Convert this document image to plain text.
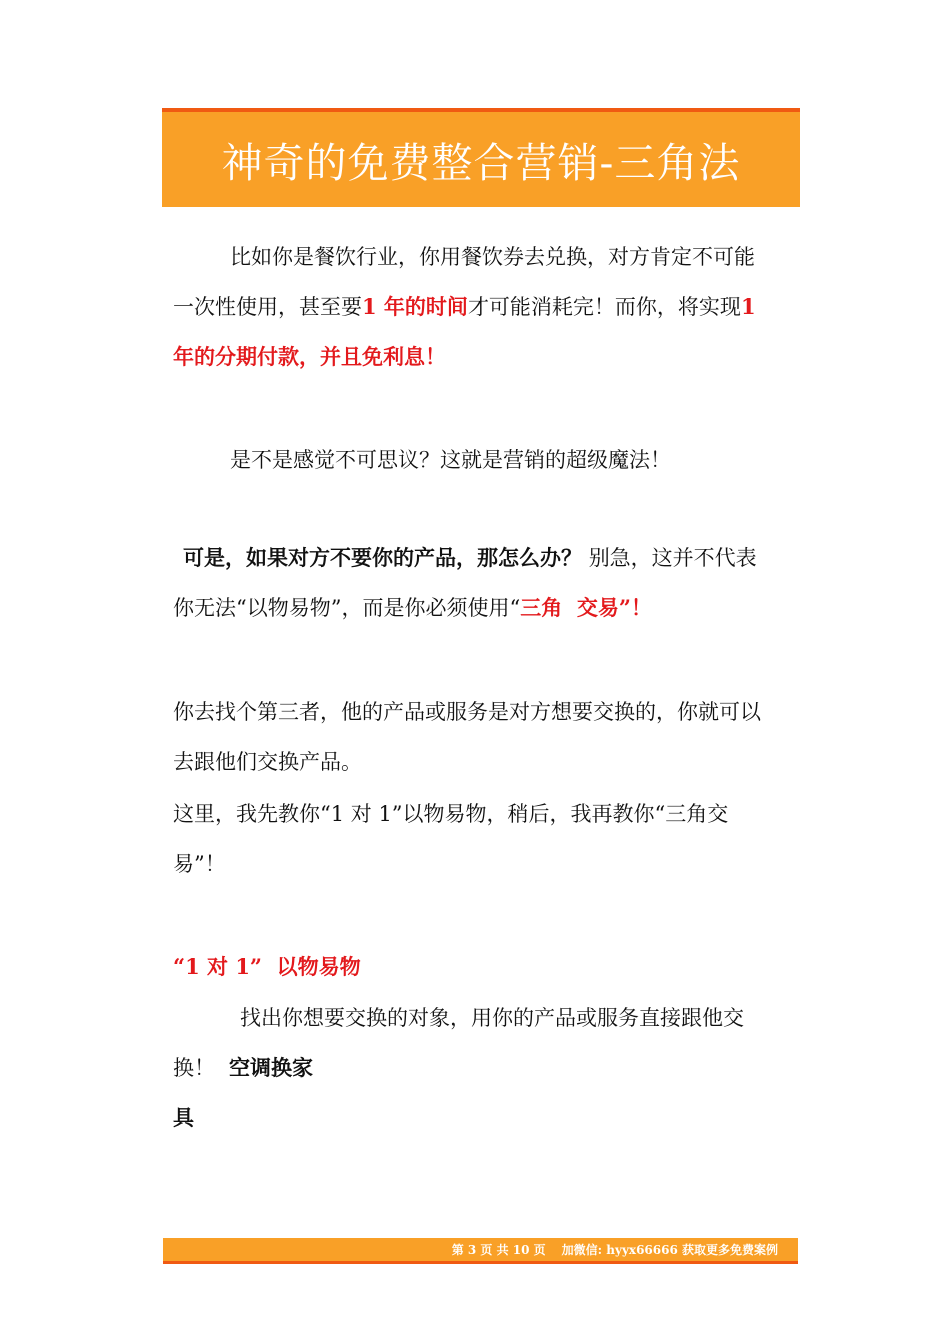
神奇的免费整合营销-三角法
比如你是餐饮行业，你用餐饮券去兑换，对方肯定不可能
一次性使用，甚至要1 年的时间才可能消耗完！而你，将实现1
年的分期付款，并且免利息！
是不是感觉不可思议？这就是营销的超级魔法！
可是，如果对方不要你的产品，那怎么办？ 别急，这并不代表
你无法“以物易物”，而是你必须使用“三角  交易”！
你去找个第三者，他的产品或服务是对方想要交换的，你就可以
去跟他们交换产品。
这里，我先教你“1 对 1”以物易物，稍后，我再教你“三角交
易”！
“1 对 1”  以物易物
找出你想要交换的对象，用你的产品或服务直接跟他交
换！ 空调换家
具
第 3 页 共 10 页 加微信: hyyx66666 获取更多免费案例
